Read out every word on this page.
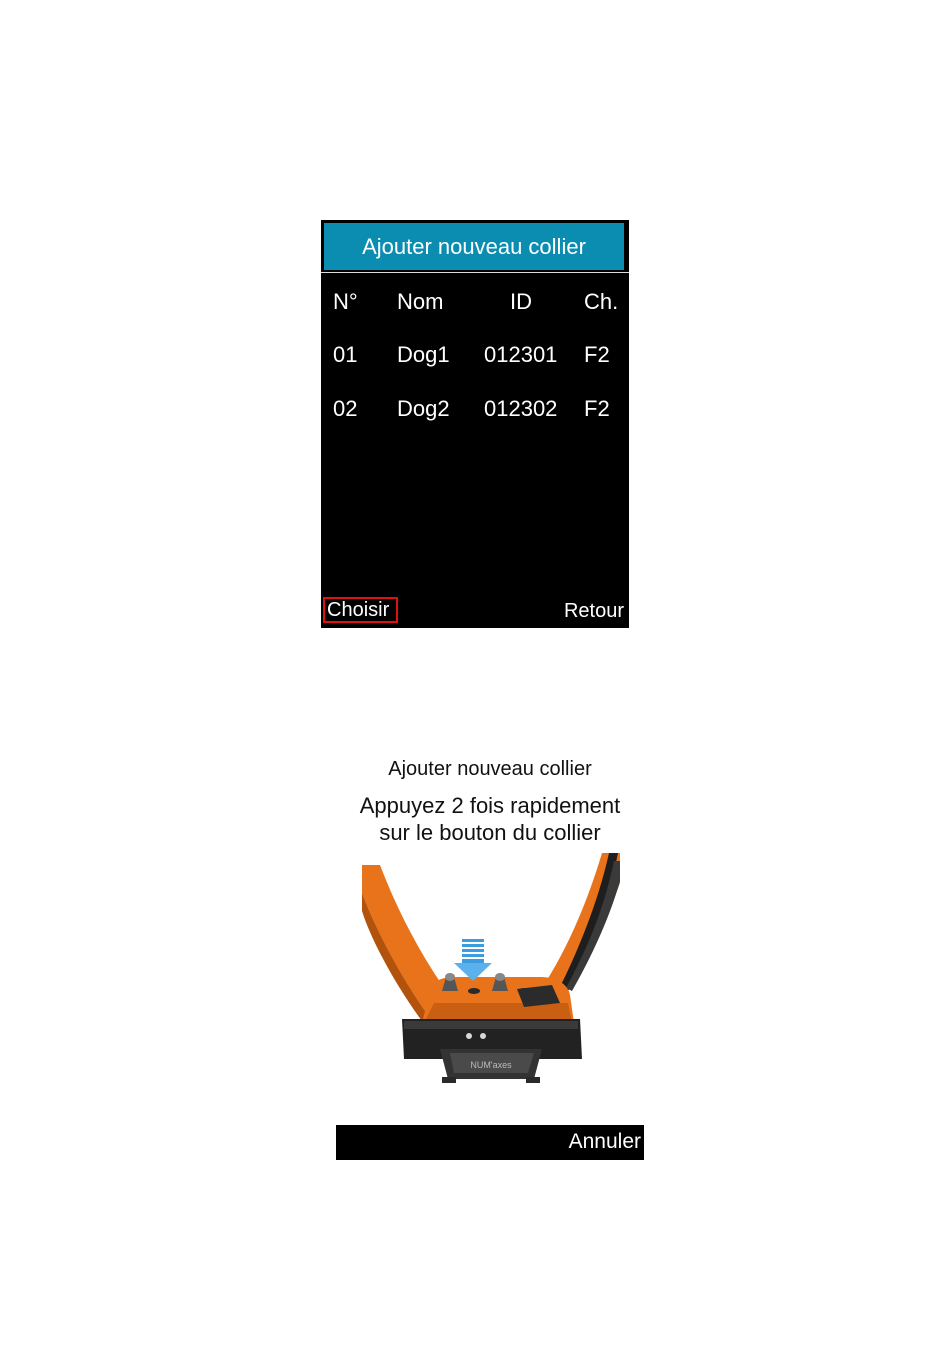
Ajouter nouveau collier
N° Nom	ID Ch.
01 Dog1 012301 F2
02 Dog2 012302 F2
Choisir	Retour
Ajouter nouveau collier
Appuyez 2 fois rapidement
sur le bouton du collier
NUM'axes
Annuler
